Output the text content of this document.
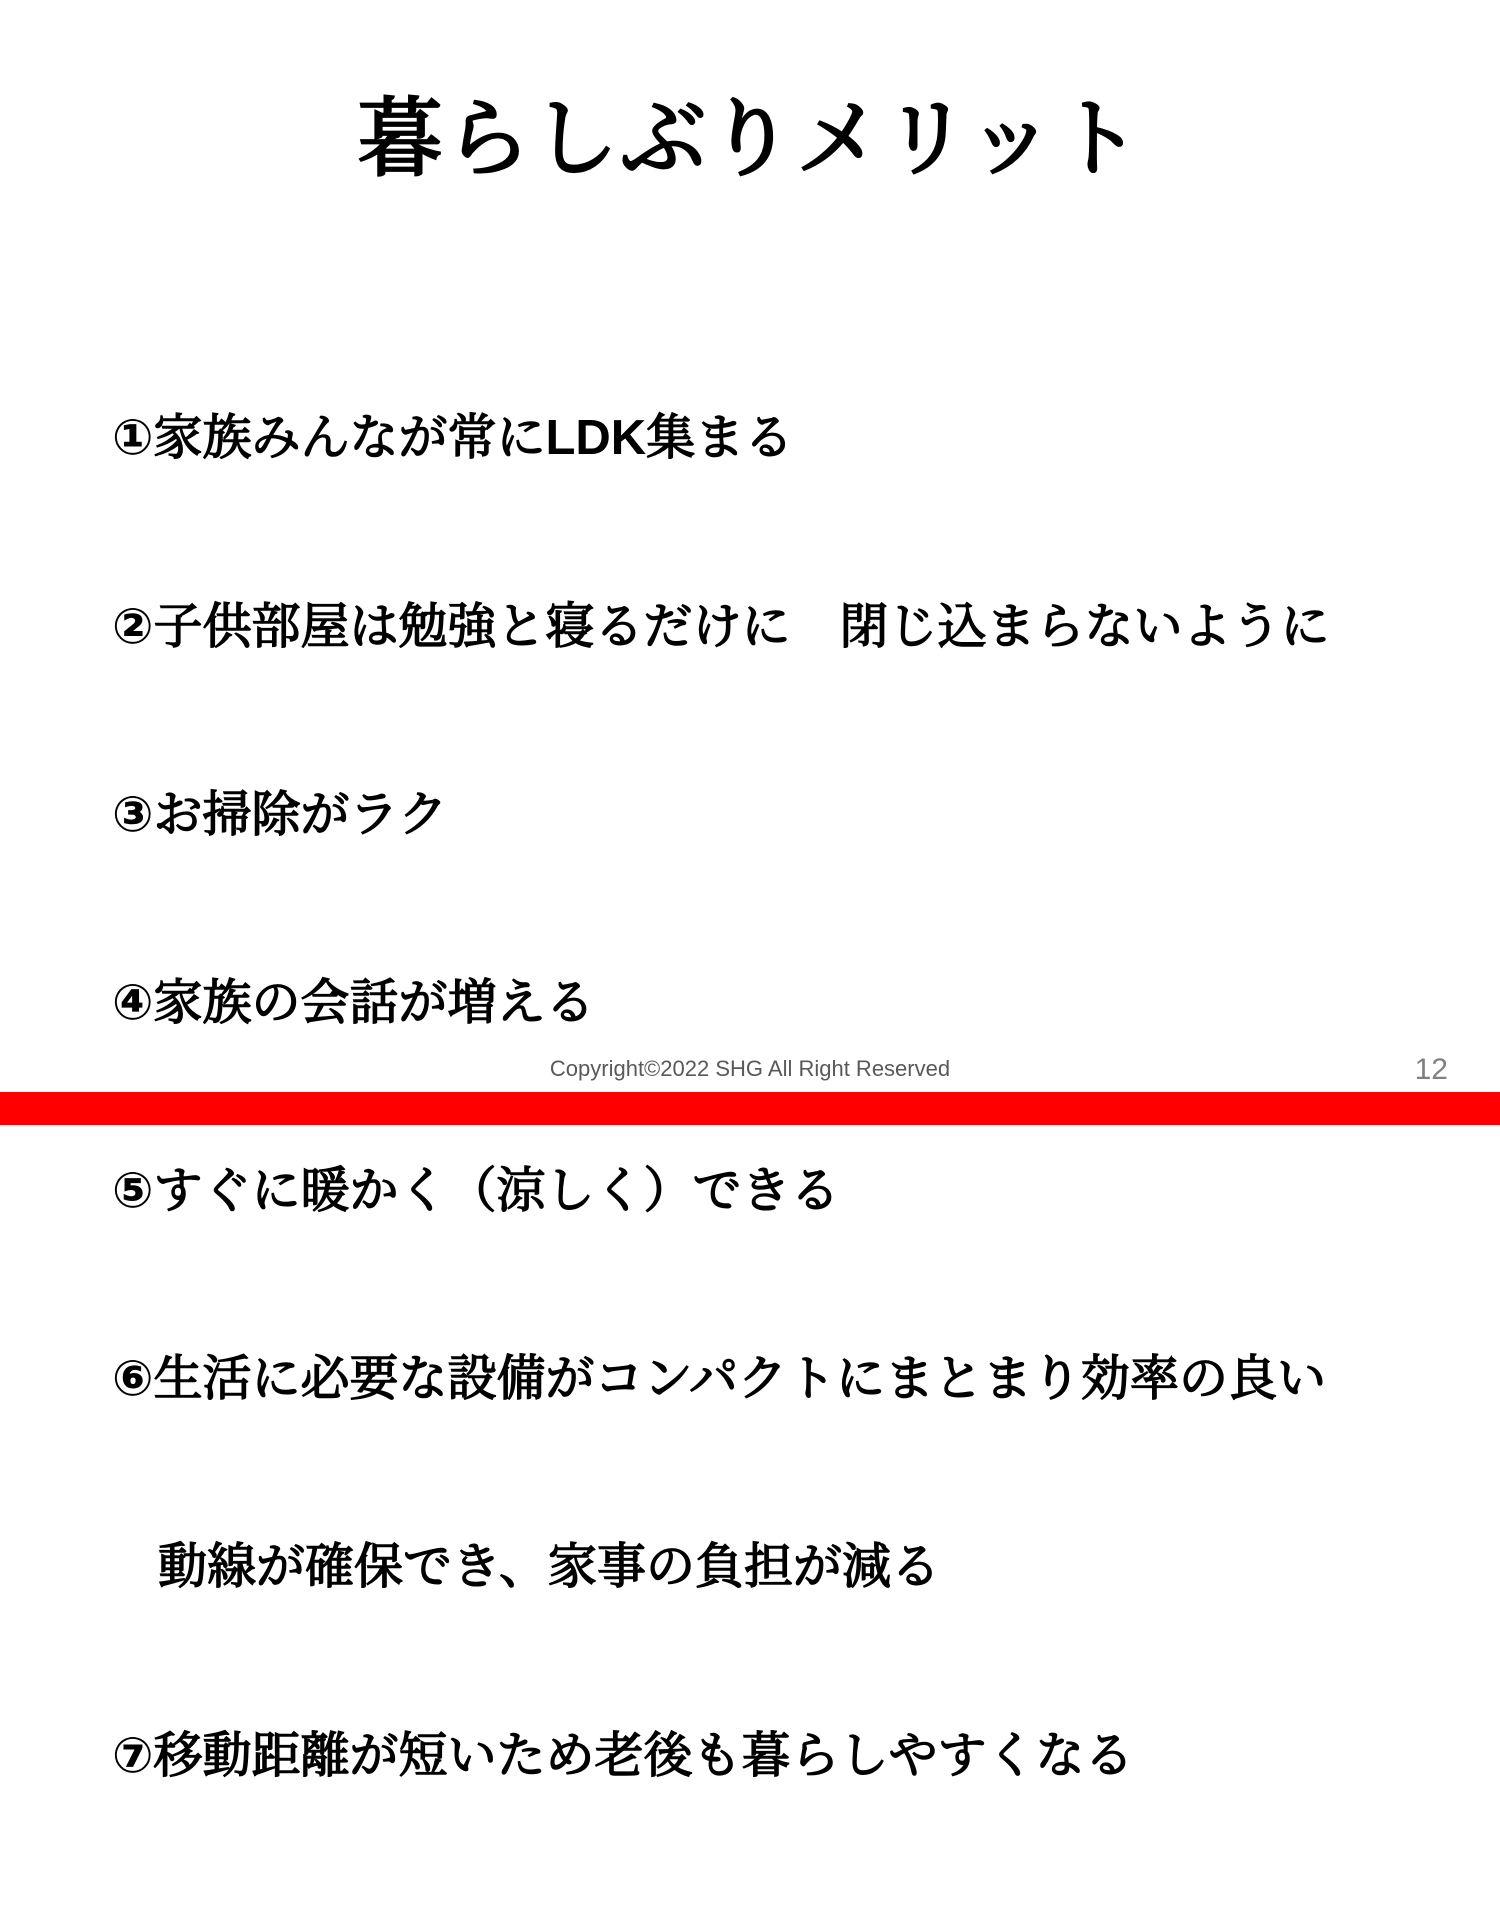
暮らしぶりメリット

①家族みんなが常にLDK集まる

②子供部屋は勉強と寝るだけに　閉じ込まらないように

③お掃除がラク

④家族の会話が増える

⑤すぐに暖かく（涼しく）できる

⑥生活に必要な設備がコンパクトにまとまり効率の良い

動線が確保でき、家事の負担が減る

⑦移動距離が短いため老後も暮らしやすくなる

Copyright©2022 SHG All Right Reserved	12
